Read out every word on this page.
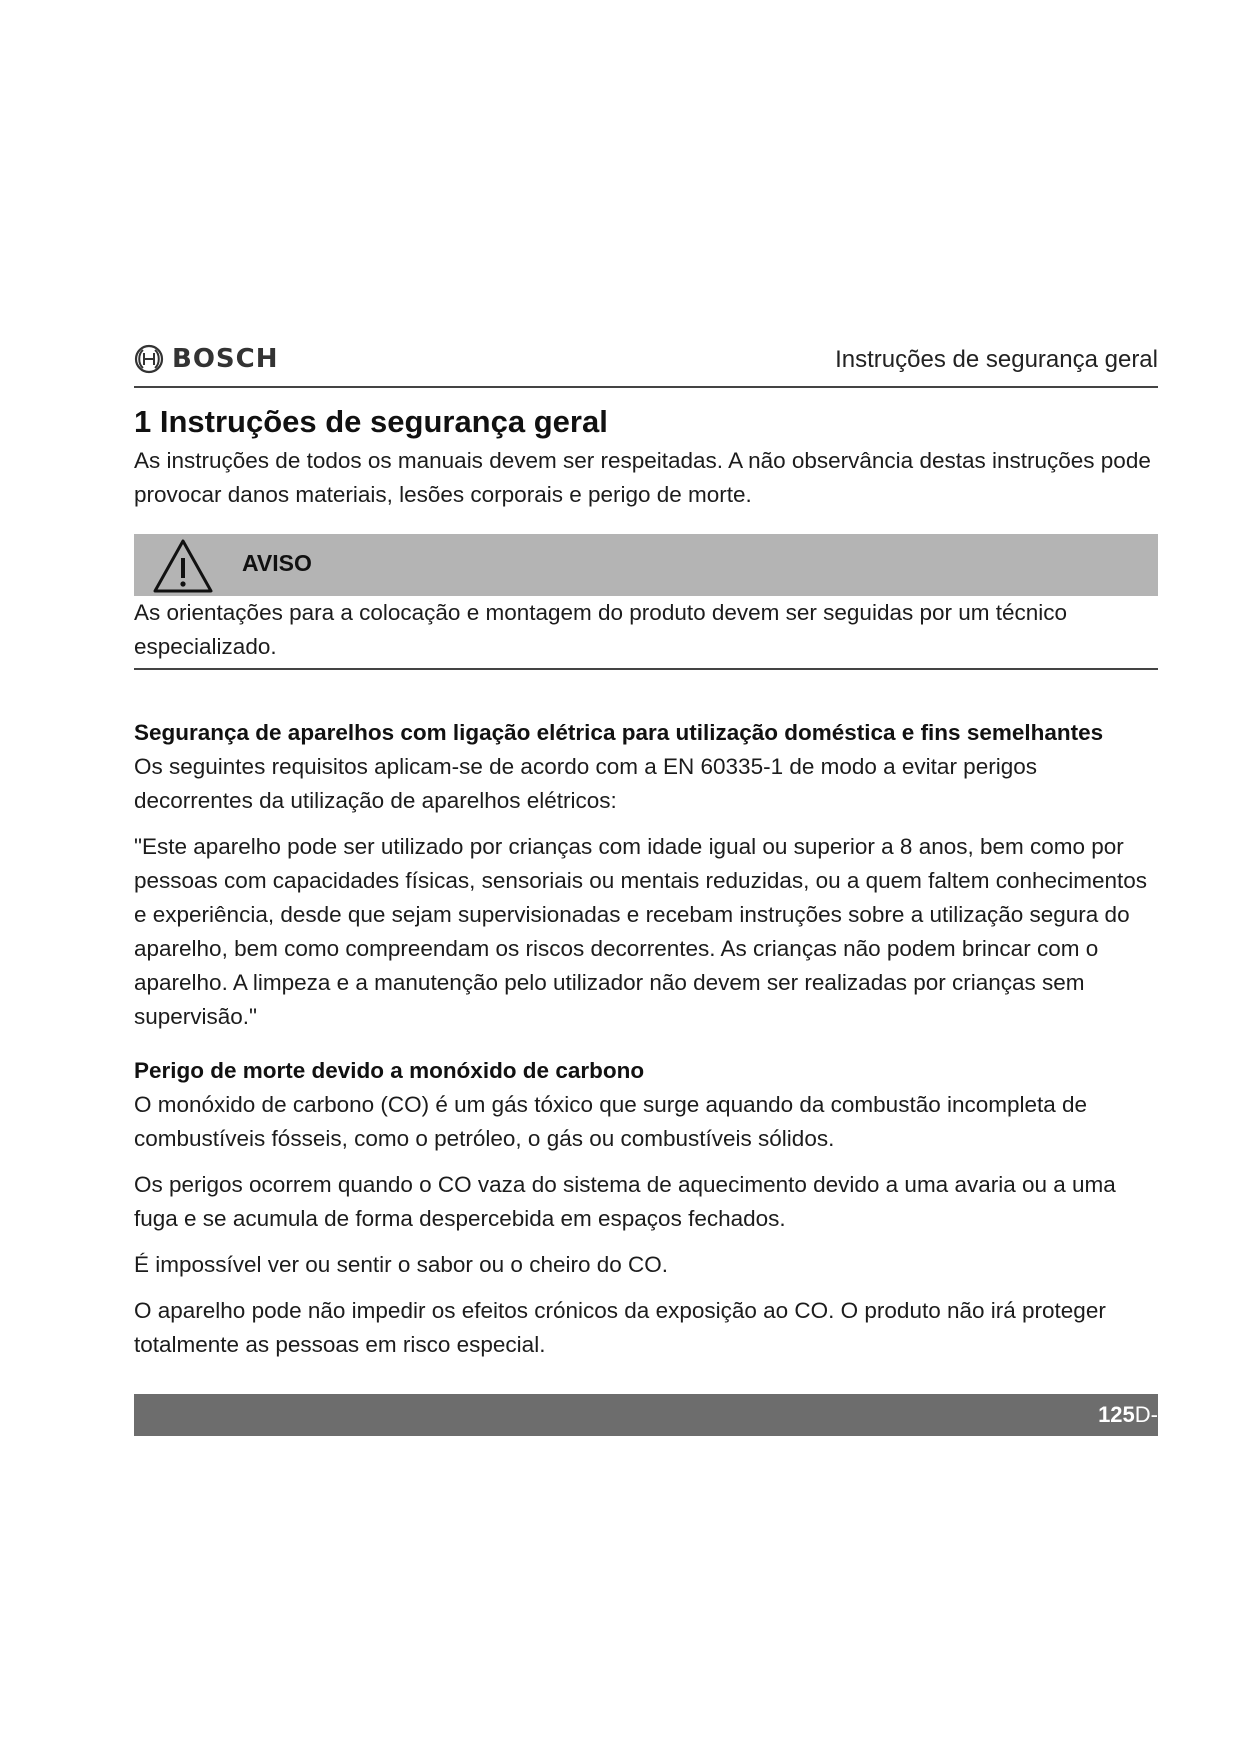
BOSCH	Instruções de segurança geral
1 Instruções de segurança geral

As instruções de todos os manuais devem ser respeitadas. A não observância destas instruções pode provocar danos materiais, lesões corporais e perigo de morte.

AVISO

As orientações para a colocação e montagem do produto devem ser seguidas por um técnico especializado.

Segurança de aparelhos com ligação elétrica para utilização doméstica e fins semelhantes

Os seguintes requisitos aplicam-se de acordo com a EN 60335-1 de modo a evitar perigos decorrentes da utilização de aparelhos elétricos:

"Este aparelho pode ser utilizado por crianças com idade igual ou superior a 8 anos, bem como por pessoas com capacidades físicas, sensoriais ou mentais reduzidas, ou a quem faltem conhecimentos e experiência, desde que sejam supervisionadas e recebam instruções sobre a utilização segura do aparelho, bem como compreendam os riscos decorrentes. As crianças não podem brincar com o aparelho. A limpeza e a manutenção pelo utilizador não devem ser realizadas por crianças sem supervisão."

Perigo de morte devido a monóxido de carbono

O monóxido de carbono (CO) é um gás tóxico que surge aquando da combustão incompleta de combustíveis fósseis, como o petróleo, o gás ou combustíveis sólidos.

Os perigos ocorrem quando o CO vaza do sistema de aquecimento devido a uma avaria ou a uma fuga e se acumula de forma despercebida em espaços fechados.

É impossível ver ou sentir o sabor ou o cheiro do CO.

O aparelho pode não impedir os efeitos crónicos da exposição ao CO. O produto não irá proteger totalmente as pessoas em risco especial.

125D-
